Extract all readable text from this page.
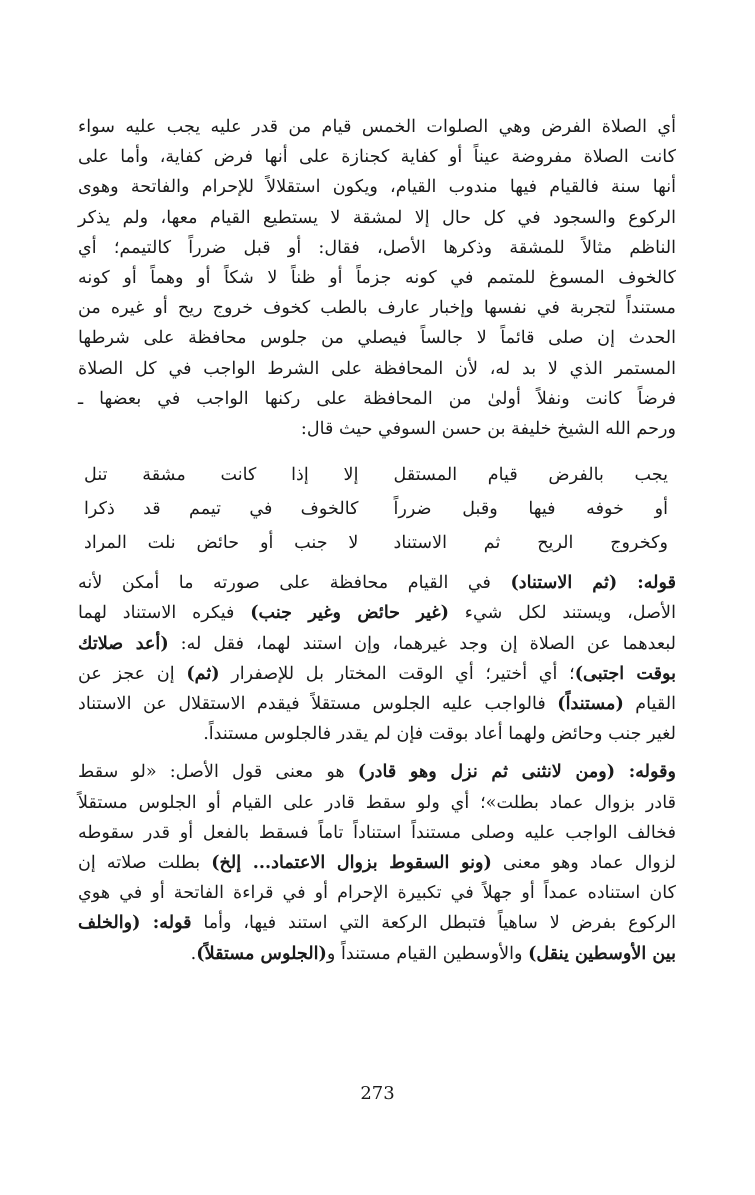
أي الصلاة الفرض وهي الصلوات الخمس قيام من قدر عليه يجب عليه سواء
كانت الصلاة مفروضة عيناً أو كفاية كجنازة على أنها فرض كفاية، وأما على
أنها سنة فالقيام فيها مندوب القيام، ويكون استقلالاً للإحرام والفاتحة وهوى
الركوع والسجود في كل حال إلا لمشقة لا يستطيع القيام معها، ولم يذكر
الناظم مثالاً للمشقة وذكرها الأصل، فقال: أو قبل ضرراً كالتيمم؛ أي
كالخوف المسوغ للمتمم في كونه جزماً أو ظناً لا شكاً أو وهماً أو كونه
مستنداً لتجربة في نفسها وإخبار عارف بالطب كخوف خروج ريح أو غيره من
الحدث إن صلى قائماً لا جالساً فيصلي من جلوس محافظة على شرطها
المستمر الذي لا بد له، لأن المحافظة على الشرط الواجب في كل الصلاة
فرضاً كانت ونفلاً أولىٰ من المحافظة على ركنها الواجب في بعضها ـ
ورحم الله الشيخ خليفة بن حسن السوفي حيث قال:
يجب بالفرض قيام المستقل
إلا إذا كانت مشقة تنل
أو خوفه فيها وقبل ضرراً
كالخوف في تيمم قد ذكرا
وكخروج الريح ثم الاستناد
لا جنب أو حائض نلت المراد
قوله: (ثم الاستناد) في القيام محافظة على صورته ما أمكن لأنه
الأصل، ويستند لكل شيء (غير حائض وغير جنب) فيكره الاستناد لهما
لبعدهما عن الصلاة إن وجد غيرهما، وإن استند لهما، فقل له: (أعد صلاتك
بوقت اجتبى)؛ أي أختير؛ أي الوقت المختار بل للإصفرار (ثم) إن عجز عن
القيام (مستنداً) فالواجب عليه الجلوس مستقلاً فيقدم الاستقلال عن الاستناد
لغير جنب وحائض ولهما أعاد بوقت فإن لم يقدر فالجلوس مستنداً.
وقوله: (ومن لانثنى ثم نزل وهو قادر) هو معنى قول الأصل: «لو سقط
قادر بزوال عماد بطلت»؛ أي ولو سقط قادر على القيام أو الجلوس مستقلاً
فخالف الواجب عليه وصلى مستنداً استناداً تاماً فسقط بالفعل أو قدر سقوطه
لزوال عماد وهو معنى (ونو السقوط بزوال الاعتماد... إلخ) بطلت صلاته إن
كان استناده عمداً أو جهلاً في تكبيرة الإحرام أو في قراءة الفاتحة أو في هوي
الركوع بفرض لا ساهياً فتبطل الركعة التي استند فيها، وأما قوله: (والخلف
بين الأوسطين ينقل) والأوسطين القيام مستنداً و(الجلوس مستقلاً).
273
